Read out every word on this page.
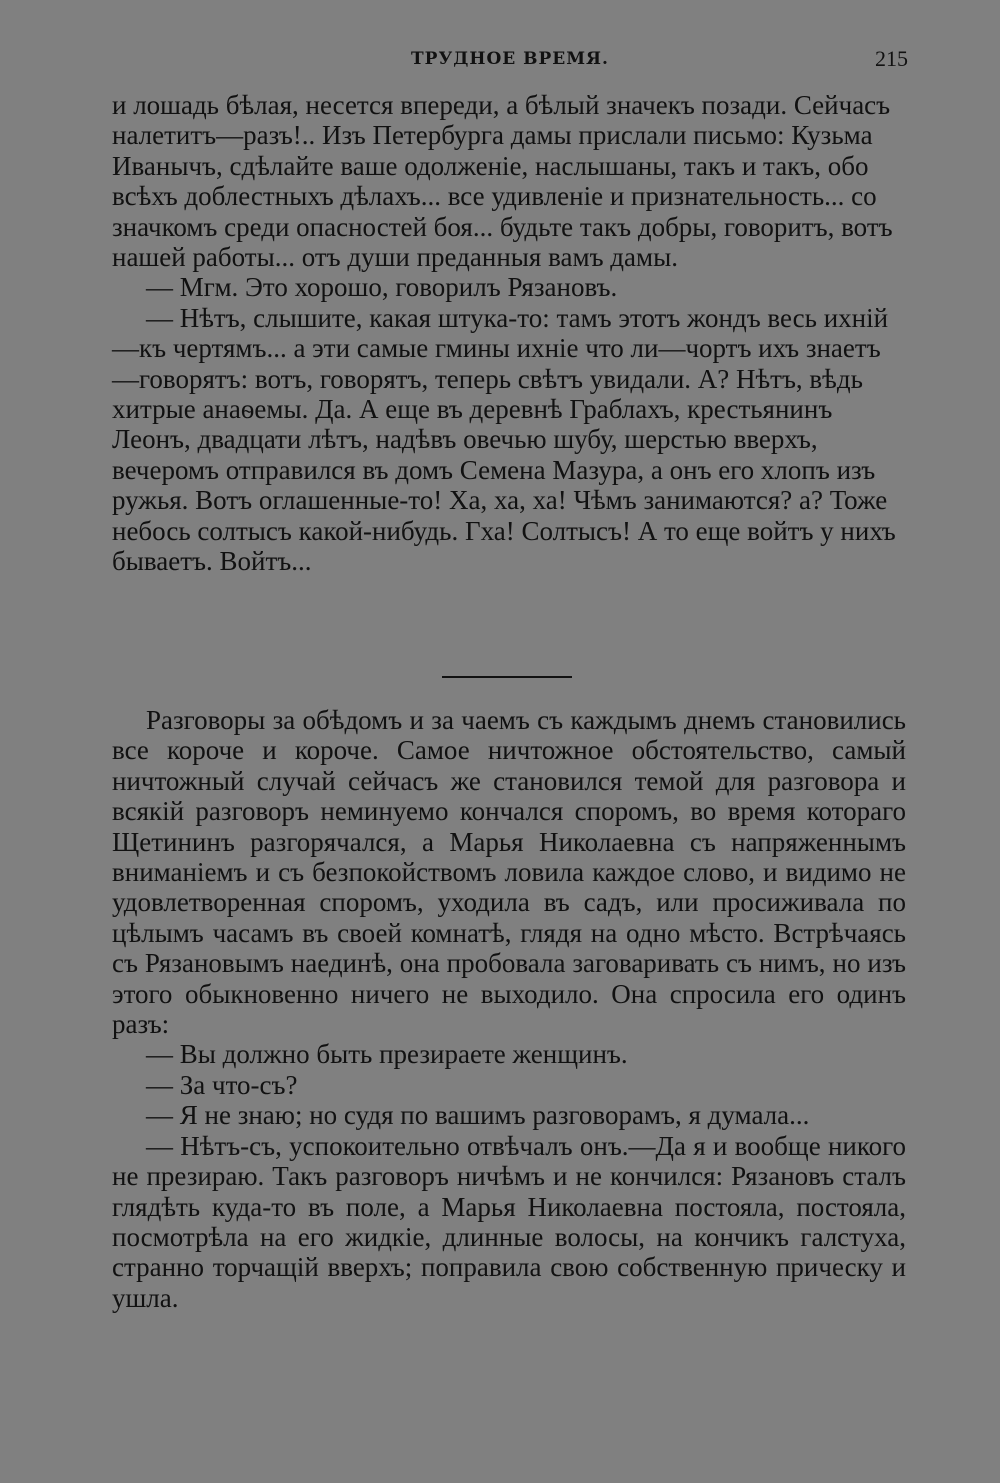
ТРУДНОЕ ВРЕМЯ.	215

и лошадь бѣлая, несется впереди, а бѣлый значекъ позади. Сейчасъ налетитъ—разъ!.. Изъ Петербурга дамы прислали письмо: Кузьма Иванычъ, сдѣлайте ваше одолженіе, наслышаны, такъ и такъ, обо всѣхъ доблестныхъ дѣлахъ... все удивленіе и признательность... со значкомъ среди опасностей боя... будьте такъ добры, говоритъ, вотъ нашей работы... отъ души преданныя вамъ дамы.

— Мгм. Это хорошо, говорилъ Рязановъ.

— Нѣтъ, слышите, какая штука-то: тамъ этотъ жондъ весь ихній—къ чертямъ... а эти самые гмины ихніе что ли—чортъ ихъ знаетъ—говорятъ: вотъ, говорятъ, теперь свѣтъ увидали. А? Нѣтъ, вѣдь хитрые анаѳемы. Да. А еще въ деревнѣ Граблахъ, крестьянинъ Леонъ, двадцати лѣтъ, надѣвъ овечью шубу, шерстью вверхъ, вечеромъ отправился въ домъ Семена Мазура, а онъ его хлопъ изъ ружья. Вотъ оглашенные-то! Ха, ха, ха! Чѣмъ занимаются? а? Тоже небось солтысъ какой-нибудь. Гха! Солтысъ! А то еще войтъ у нихъ бываетъ. Войтъ...

Разговоры за обѣдомъ и за чаемъ съ каждымъ днемъ становились все короче и короче. Самое ничтожное обстоятельство, самый ничтожный случай сейчасъ же становился темой для разговора и всякій разговоръ неминуемо кончался споромъ, во время котораго Щетининъ разгорячался, а Марья Николаевна съ напряженнымъ вниманіемъ и съ безпокойствомъ ловила каждое слово, и видимо не удовлетворенная споромъ, уходила въ садъ, или просиживала по цѣлымъ часамъ въ своей комнатѣ, глядя на одно мѣсто. Встрѣчаясь съ Рязановымъ наединѣ, она пробовала заговаривать съ нимъ, но изъ этого обыкновенно ничего не выходило. Она спросила его одинъ разъ:

— Вы должно быть презираете женщинъ.

— За что-съ?

— Я не знаю; но судя по вашимъ разговорамъ, я думала...

— Нѣтъ-съ, успокоительно отвѣчалъ онъ.—Да я и вообще никого не презираю. Такъ разговоръ ничѣмъ и не кончился: Рязановъ сталъ глядѣть куда-то въ поле, а Марья Николаевна постояла, постояла, посмотрѣла на его жидкіе, длинные волосы, на кончикъ галстуха, странно торчащій вверхъ; поправила свою собственную прическу и ушла.
